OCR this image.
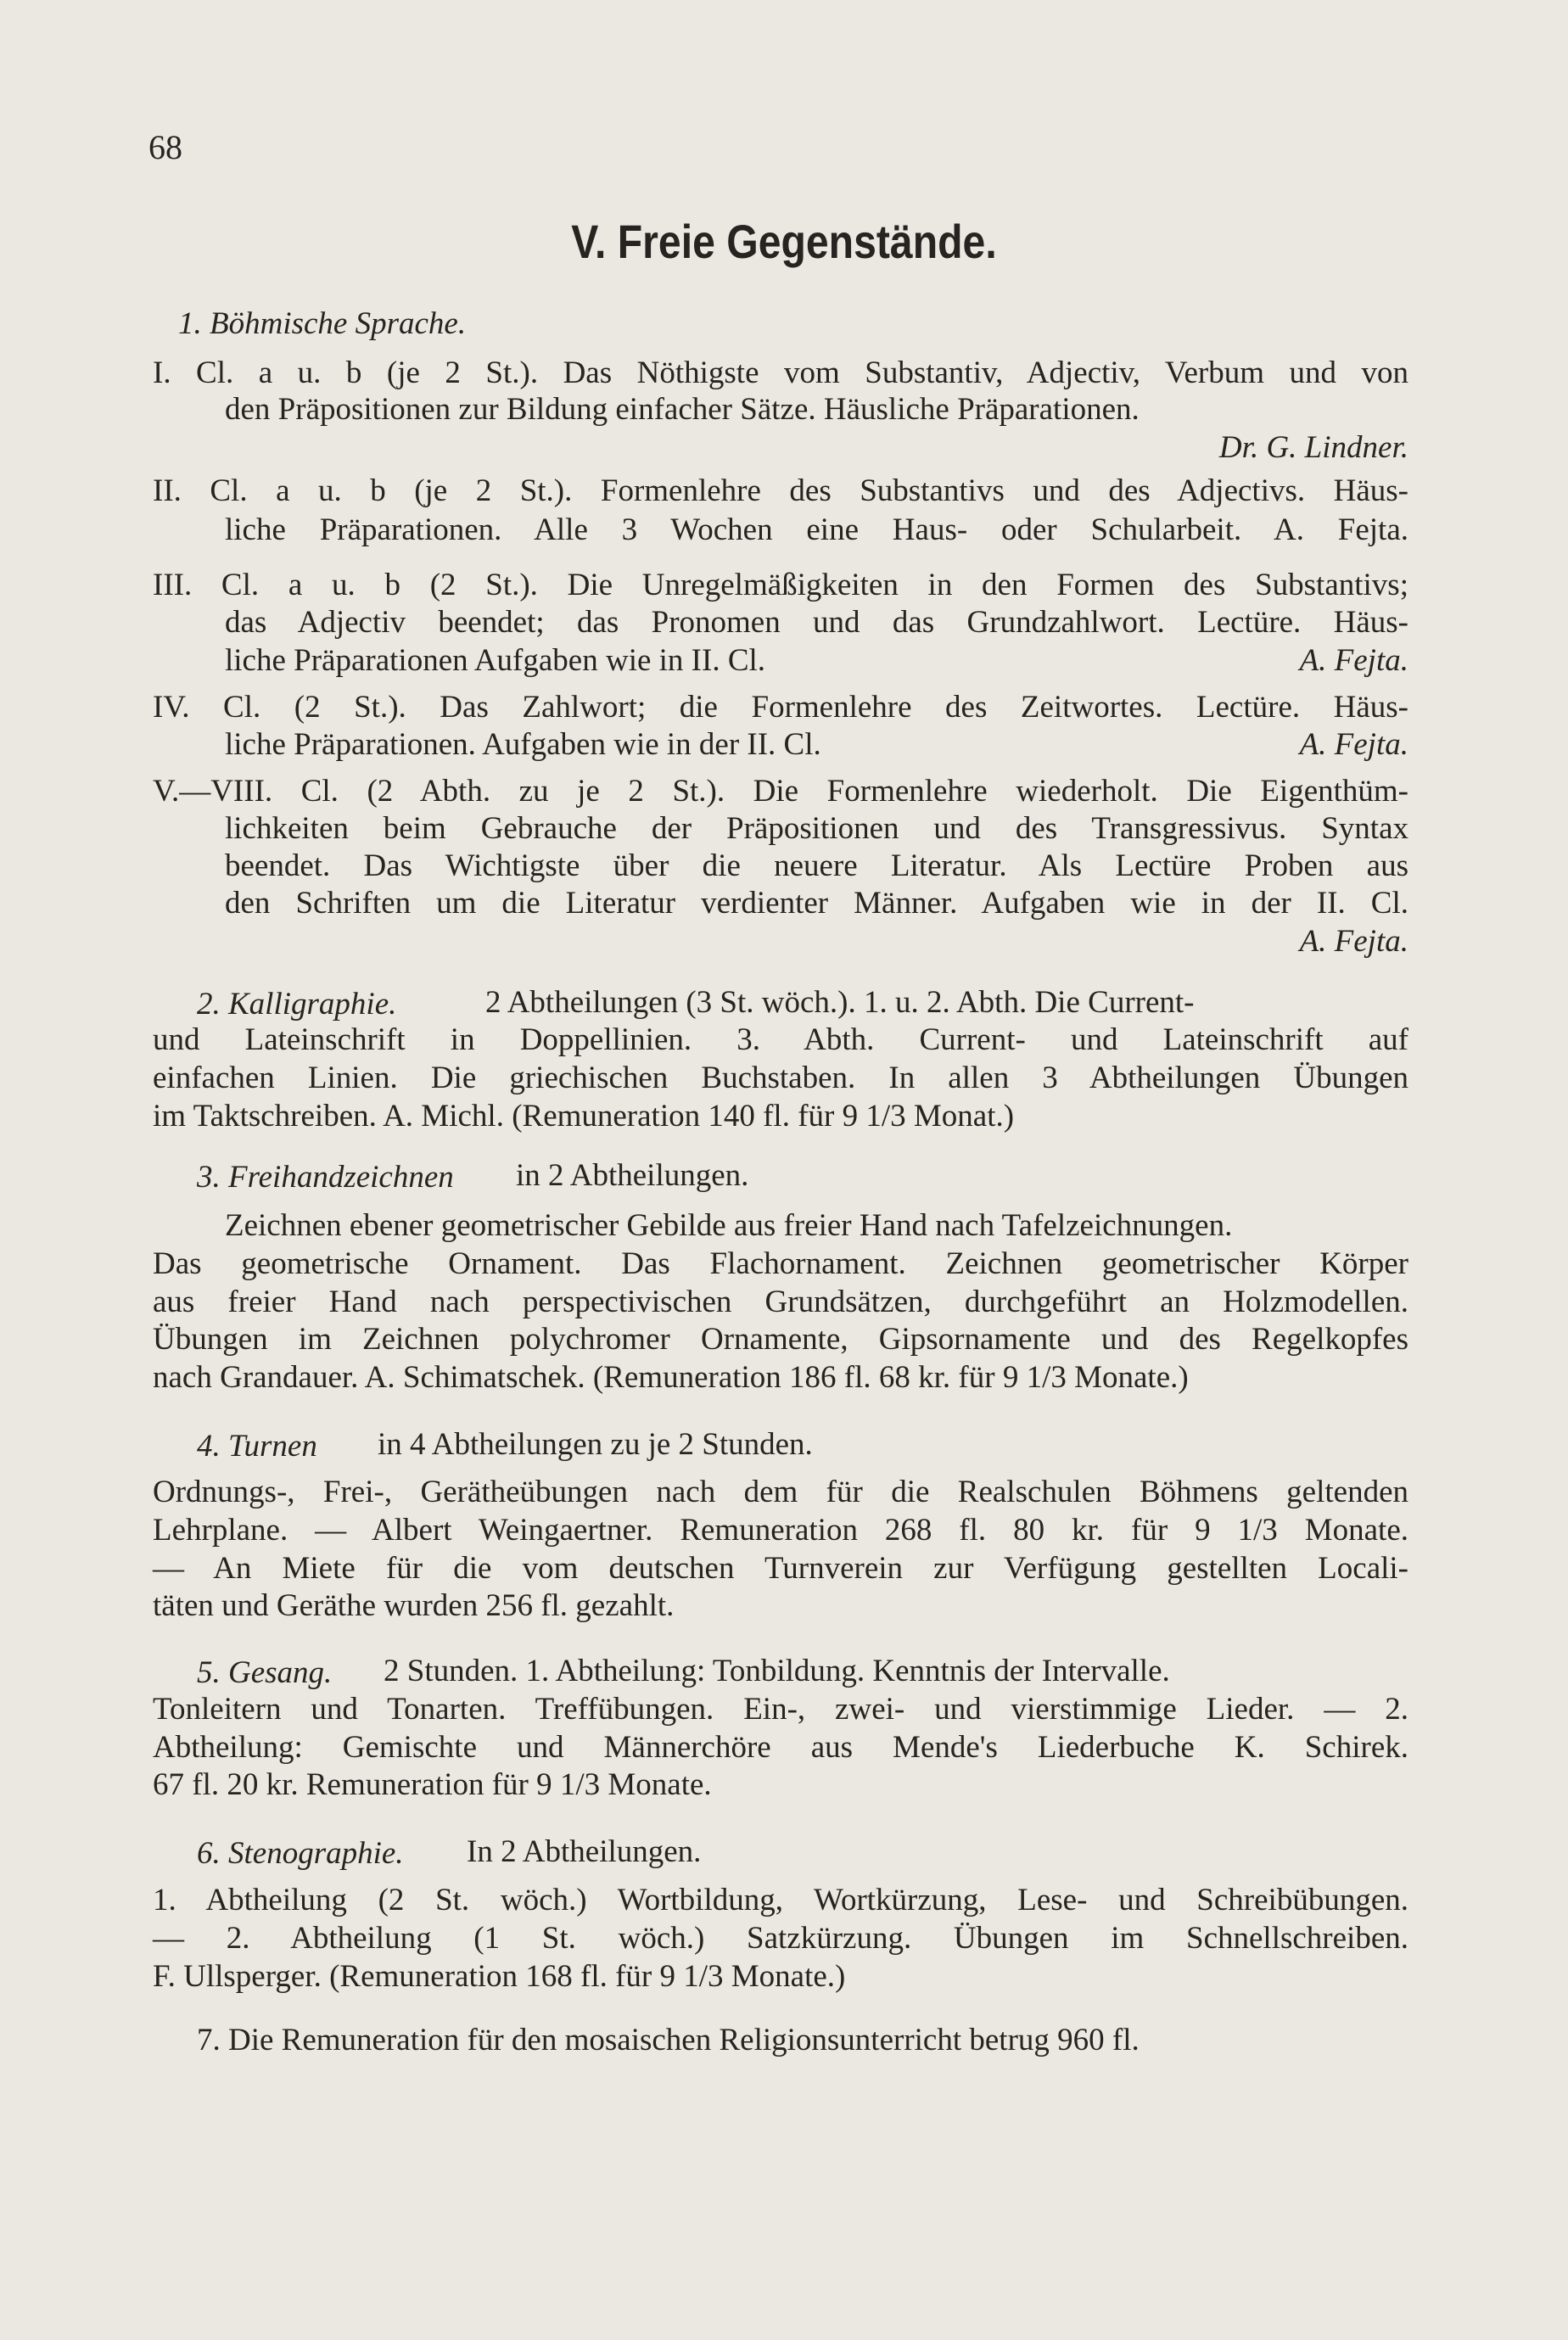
68
V. Freie Gegenstände.
1. Böhmische Sprache.
I. Cl. a u. b (je 2 St.). Das Nöthigste vom Substantiv, Adjectiv, Verbum und von
den Präpositionen zur Bildung einfacher Sätze. Häusliche Präparationen.
Dr. G. Lindner.
II. Cl. a u. b (je 2 St.). Formenlehre des Substantivs und des Adjectivs. Häus-
liche Präparationen. Alle 3 Wochen eine Haus- oder Schularbeit. A. Fejta.
III. Cl. a u. b (2 St.). Die Unregelmäßigkeiten in den Formen des Substantivs;
das Adjectiv beendet; das Pronomen und das Grundzahlwort. Lectüre. Häus-
liche Präparationen Aufgaben wie in II. Cl.	A. Fejta.
IV. Cl. (2 St.). Das Zahlwort; die Formenlehre des Zeitwortes. Lectüre. Häus-
liche Präparationen. Aufgaben wie in der II. Cl.	A. Fejta.
V.—VIII. Cl. (2 Abth. zu je 2 St.). Die Formenlehre wiederholt. Die Eigenthüm-
lichkeiten beim Gebrauche der Präpositionen und des Transgressivus. Syntax
beendet. Das Wichtigste über die neuere Literatur. Als Lectüre Proben aus
den Schriften um die Literatur verdienter Männer. Aufgaben wie in der II. Cl.
A. Fejta.
2. Kalligraphie.	2 Abtheilungen (3 St. wöch.). 1. u. 2. Abth. Die Current-
und Lateinschrift in Doppellinien. 3. Abth. Current- und Lateinschrift auf
einfachen Linien. Die griechischen Buchstaben. In allen 3 Abtheilungen Übungen
im Taktschreiben. A. Michl. (Remuneration 140 fl. für 9 1/3 Monat.)
3. Freihandzeichnen in 2 Abtheilungen.
Zeichnen ebener geometrischer Gebilde aus freier Hand nach Tafelzeichnungen.
Das geometrische Ornament. Das Flachornament. Zeichnen geometrischer Körper
aus freier Hand nach perspectivischen Grundsätzen, durchgeführt an Holzmodellen.
Übungen im Zeichnen polychromer Ornamente, Gipsornamente und des Regelkopfes
nach Grandauer. A. Schimatschek. (Remuneration 186 fl. 68 kr. für 9 1/3 Monate.)
4. Turnen in 4 Abtheilungen zu je 2 Stunden.
Ordnungs-, Frei-, Gerätheübungen nach dem für die Realschulen Böhmens geltenden
Lehrplane. — Albert Weingaertner. Remuneration 268 fl. 80 kr. für 9 1/3 Monate.
— An Miete für die vom deutschen Turnverein zur Verfügung gestellten Locali-
täten und Geräthe wurden 256 fl. gezahlt.
5. Gesang. 2 Stunden. 1. Abtheilung: Tonbildung. Kenntnis der Intervalle.
Tonleitern und Tonarten. Treffübungen. Ein-, zwei- und vierstimmige Lieder. — 2.
Abtheilung: Gemischte und Männerchöre aus Mende's Liederbuche K. Schirek.
67 fl. 20 kr. Remuneration für 9 1/3 Monate.
6. Stenographie. In 2 Abtheilungen.
1. Abtheilung (2 St. wöch.) Wortbildung, Wortkürzung, Lese- und Schreibübungen.
— 2. Abtheilung (1 St. wöch.) Satzkürzung. Übungen im Schnellschreiben.
F. Ullsperger. (Remuneration 168 fl. für 9 1/3 Monate.)
7. Die Remuneration für den mosaischen Religionsunterricht betrug 960 fl.
